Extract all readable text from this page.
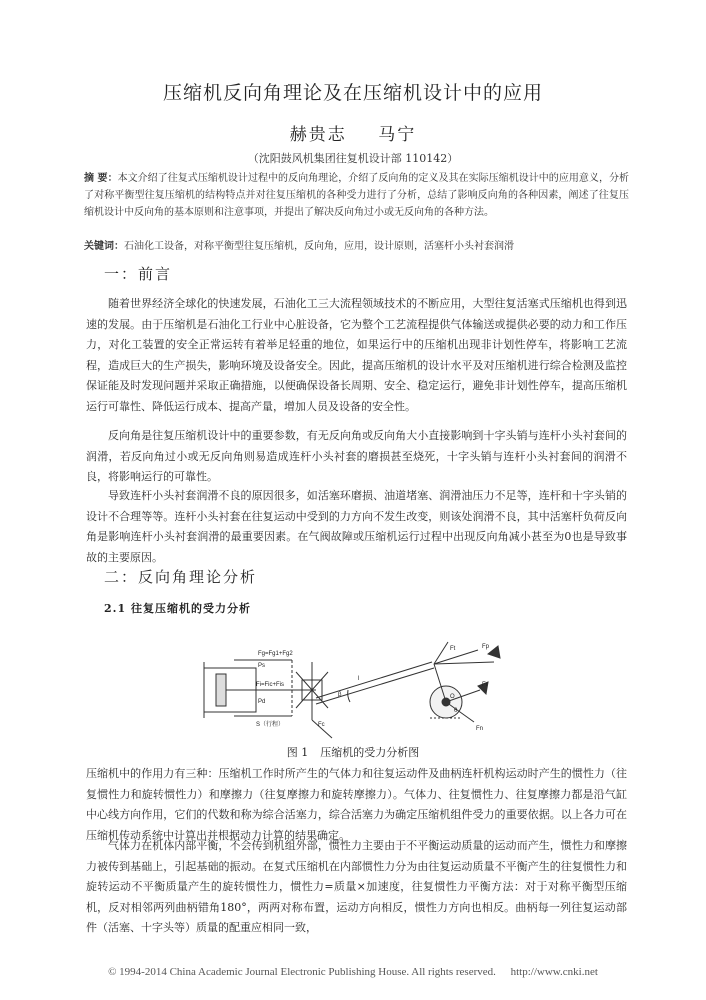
压缩机反向角理论及在压缩机设计中的应用
赫贵志 马宁
（沈阳鼓风机集团往复机设计部 110142）
摘 要：本文介绍了往复式压缩机设计过程中的反向角理论，介绍了反向角的定义及其在实际压缩机设计中的应用意义，分析了对称平衡型往复压缩机的结构特点并对往复压缩机的各种受力进行了分析，总结了影响反向角的各种因素，阐述了往复压缩机设计中反向角的基本原则和注意事项，并提出了解决反向角过小或无反向角的各种方法。
关键词：石油化工设备，对称平衡型往复压缩机，反向角，应用，设计原则，活塞杆小头衬套润滑
一：前言
随着世界经济全球化的快速发展，石油化工三大流程领域技术的不断应用，大型往复活塞式压缩机也得到迅速的发展。由于压缩机是石油化工行业中心脏设备，它为整个工艺流程提供气体输送或提供必要的动力和工作压力，对化工装置的安全正常运转有着举足轻重的地位，如果运行中的压缩机出现非计划性停车，将影响工艺流程，造成巨大的生产损失，影响环境及设备安全。因此，提高压缩机的设计水平及对压缩机进行综合检测及监控保证能及时发现问题并采取正确措施，以便确保设备长周期、安全、稳定运行，避免非计划性停车，提高压缩机运行可靠性、降低运行成本、提高产量，增加人员及设备的安全性。
反向角是往复压缩机设计中的重要参数，有无反向角或反向角大小直接影响到十字头销与连杆小头衬套间的润滑，若反向角过小或无反向角则易造成连杆小头衬套的磨损甚至烧死，十字头销与连杆小头衬套间的润滑不良，将影响运行的可靠性。
导致连杆小头衬套润滑不良的原因很多，如活塞环磨损、油道堵塞、润滑油压力不足等，连杆和十字头销的设计不合理等等。连杆小头衬套在往复运动中受到的力方向不发生改变，则该处润滑不良，其中活塞杆负荷反向角是影响连杆小头衬套润滑的最重要因素。在气阀故障或压缩机运行过程中出现反向角减小甚至为0也是导致事故的主要原因。
二：反向角理论分析
2.1 往复压缩机的受力分析
Fg=Fg1+Fg2
Ps
Fi=Fic+Fis
Pd
S（行程）
l
β
θ
Fp
Ft
Fr
Fn
Fc
O
图 1 压缩机的受力分析图
压缩机中的作用力有三种：压缩机工作时所产生的气体力和往复运动件及曲柄连杆机构运动时产生的惯性力（往复惯性力和旋转惯性力）和摩擦力（往复摩擦力和旋转摩擦力）。气体力、往复惯性力、往复摩擦力都是沿气缸中心线方向作用，它们的代数和称为综合活塞力，综合活塞力为确定压缩机组件受力的重要依据。以上各力可在压缩机传动系统中计算出并根据动力计算的结果确定。
气体力在机体内部平衡，不会传到机组外部，惯性力主要由于不平衡运动质量的运动而产生，惯性力和摩擦力被传到基础上，引起基础的振动。在复式压缩机在内部惯性力分为由往复运动质量不平衡产生的往复惯性力和旋转运动不平衡质量产生的旋转惯性力，惯性力=质量×加速度，往复惯性力平衡方法：对于对称平衡型压缩机，反对相邻两列曲柄错角180°，两两对称布置，运动方向相反，惯性力方向也相反。曲柄每一列往复运动部件（活塞、十字头等）质量的配重应相同一致，
© 1994-2014 China Academic Journal Electronic Publishing House. All rights reserved. http://www.cnki.net
